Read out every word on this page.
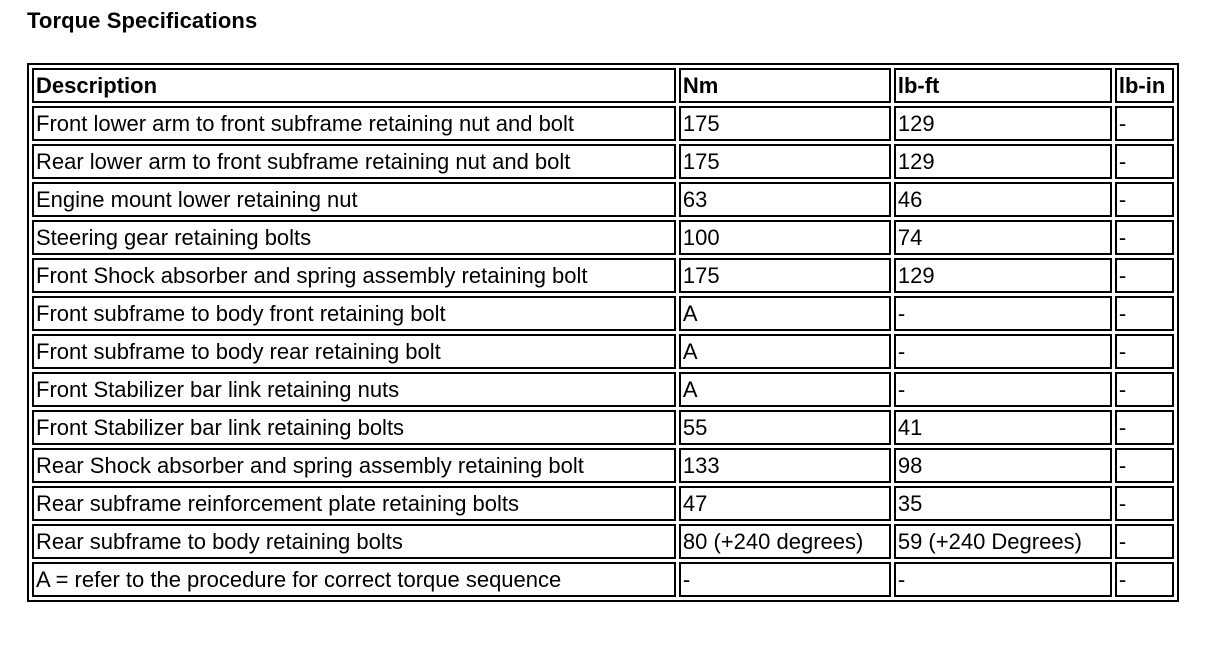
Torque Specifications
Description	Nm	lb-ft	lb-in
Front lower arm to front subframe retaining nut and bolt	175	129	-
Rear lower arm to front subframe retaining nut and bolt	175	129	-
Engine mount lower retaining nut	63	46	-
Steering gear retaining bolts	100	74	-
Front Shock absorber and spring assembly retaining bolt	175	129	-
Front subframe to body front retaining bolt	A	-	-
Front subframe to body rear retaining bolt	A	-	-
Front Stabilizer bar link retaining nuts	A	-	-
Front Stabilizer bar link retaining bolts	55	41	-
Rear Shock absorber and spring assembly retaining bolt	133	98	-
Rear subframe reinforcement plate retaining bolts	47	35	-
Rear subframe to body retaining bolts	80 (+240 degrees)	59 (+240 Degrees)	-
A = refer to the procedure for correct torque sequence	-	-	-
